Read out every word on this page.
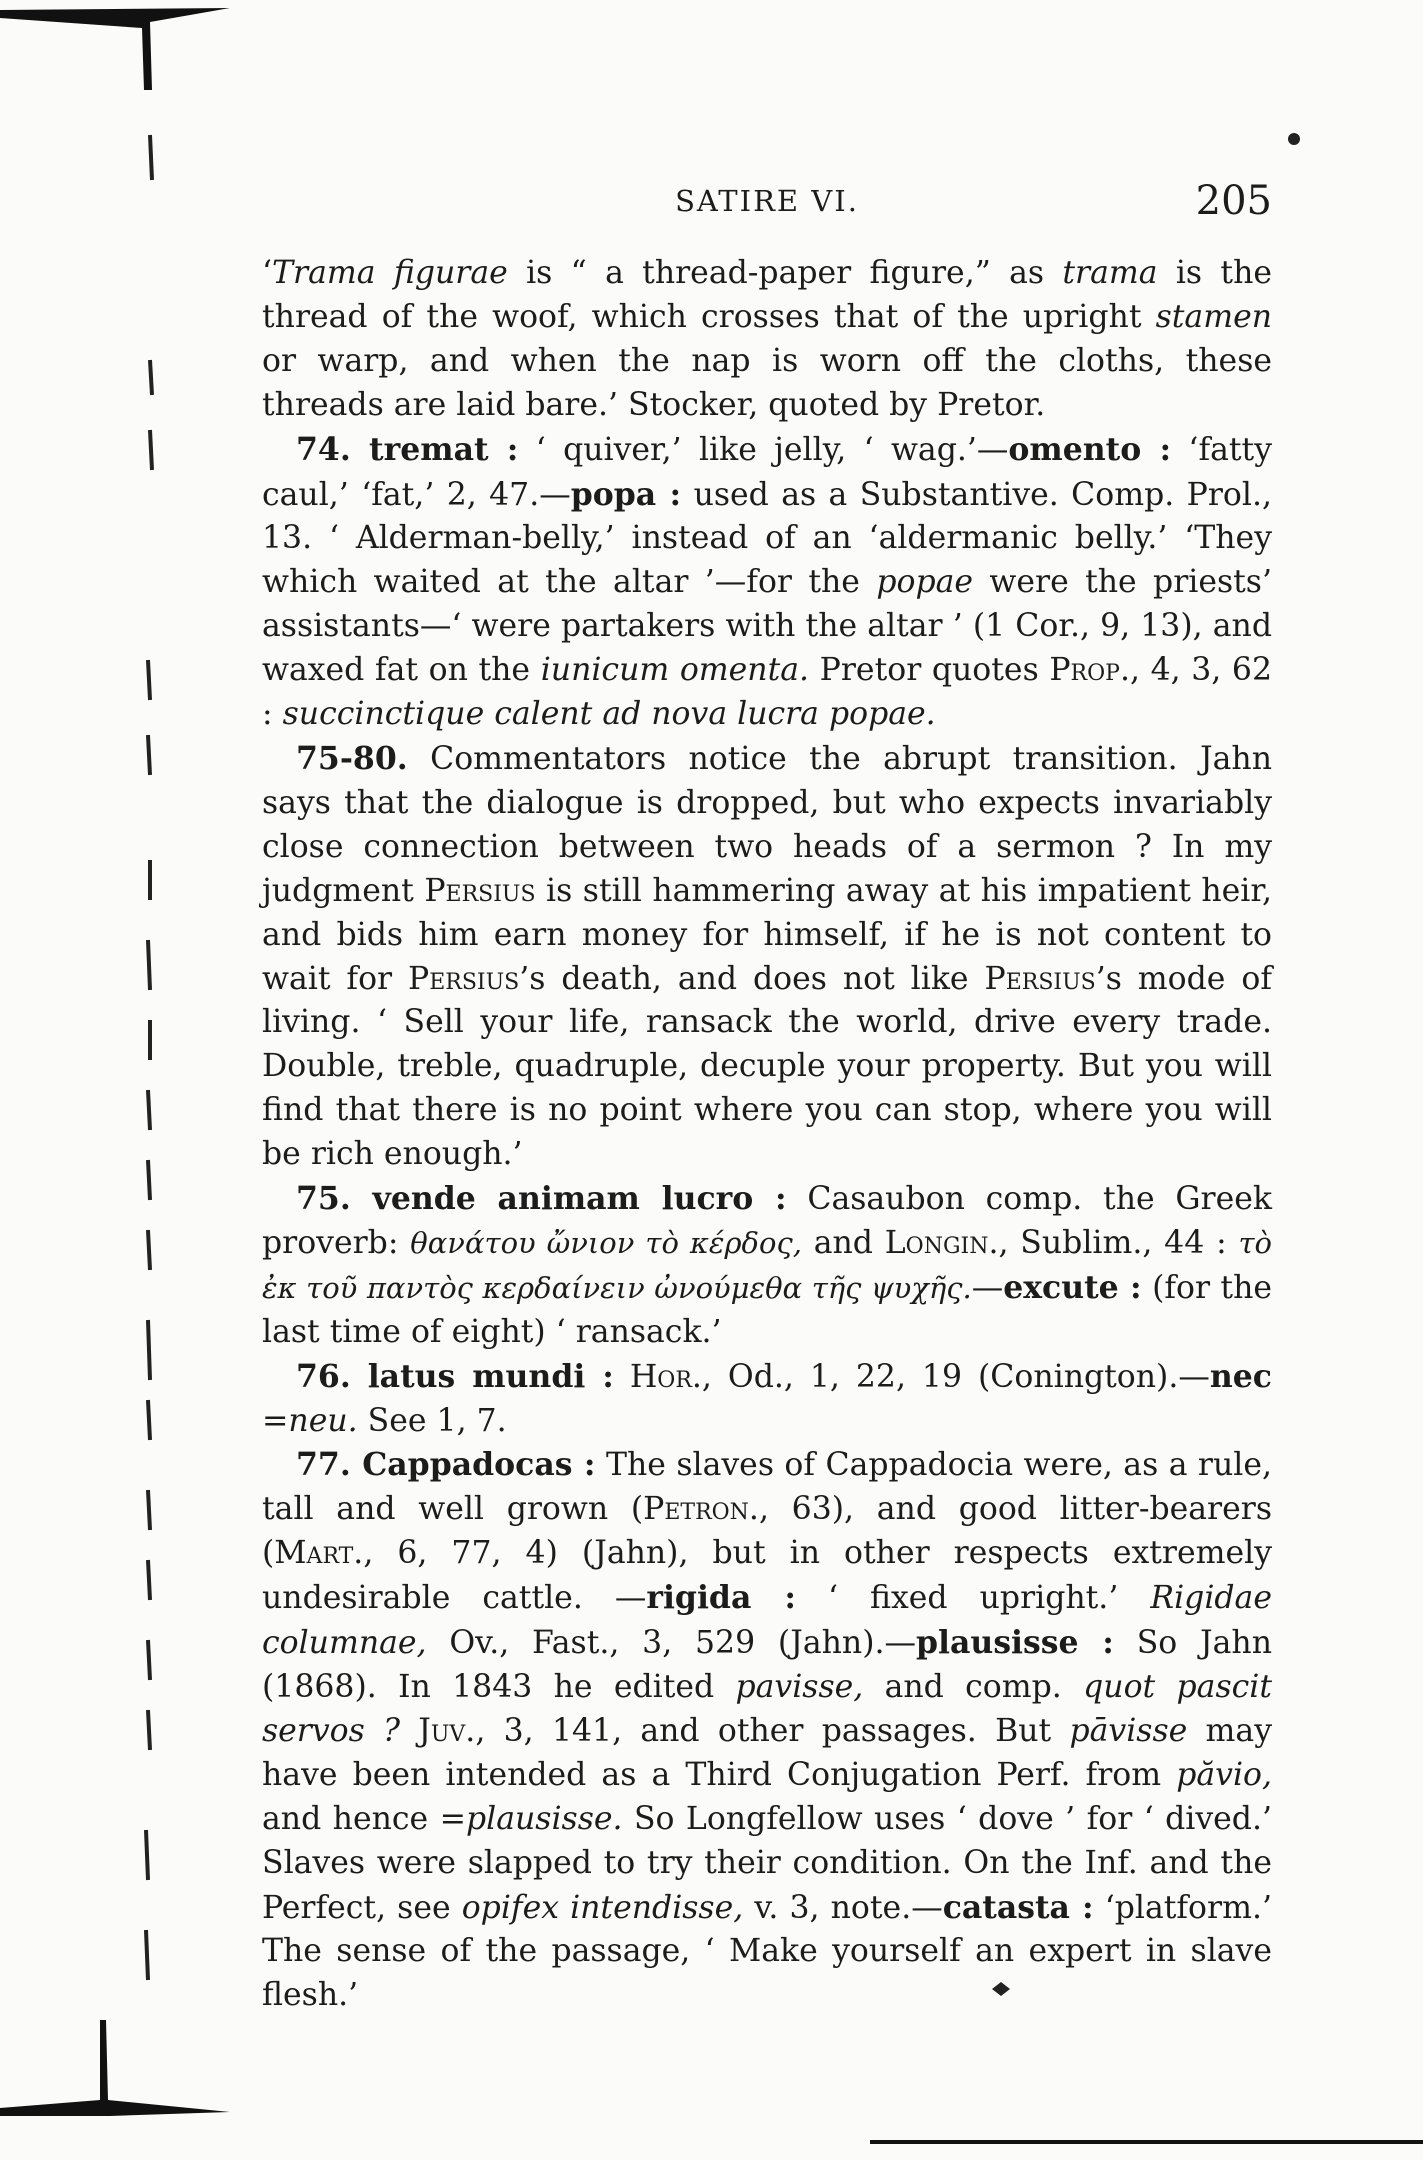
SATIRE VI.	205

‘Trama figurae is “ a thread-paper figure,” as trama is the thread of the woof, which crosses that of the upright stamen or warp, and when the nap is worn off the cloths, these threads are laid bare.’ Stocker, quoted by Pretor.

74. tremat : ‘ quiver,’ like jelly, ‘ wag.’—omento : ‘fatty caul,’ ‘fat,’ 2, 47.—popa : used as a Substantive. Comp. Prol., 13. ‘ Alderman-belly,’ instead of an ‘aldermanic belly.’ ‘They which waited at the altar ’—for the popae were the priests’ assistants—‘ were partakers with the altar ’ (1 Cor., 9, 13), and waxed fat on the iunicum omenta. Pretor quotes Prop., 4, 3, 62 : succinctique calent ad nova lucra popae.

75-80. Commentators notice the abrupt transition. Jahn says that the dialogue is dropped, but who expects invariably close connection between two heads of a sermon ? In my judgment Persius is still hammering away at his impatient heir, and bids him earn money for himself, if he is not content to wait for Persius’s death, and does not like Persius’s mode of living. ‘ Sell your life, ransack the world, drive every trade. Double, treble, quadruple, decuple your property. But you will find that there is no point where you can stop, where you will be rich enough.’

75. vende animam lucro : Casaubon comp. the Greek proverb: θανάτου ὤνιον τὸ κέρδος, and Longin., Sublim., 44 : τὸ ἐκ τοῦ παντὸς κερδαίνειν ὠνούμεθα τῆς ψυχῆς.—excute : (for the last time of eight) ‘ ransack.’

76. latus mundi : Hor., Od., 1, 22, 19 (Conington).—nec =neu. See 1, 7.

77. Cappadocas : The slaves of Cappadocia were, as a rule, tall and well grown (Petron., 63), and good litter-bearers (Mart., 6, 77, 4) (Jahn), but in other respects extremely undesirable cattle. —rigida : ‘ fixed upright.’ Rigidae columnae, Ov., Fast., 3, 529 (Jahn).—plausisse : So Jahn (1868). In 1843 he edited pavisse, and comp. quot pascit servos ? Juv., 3, 141, and other passages. But pāvisse may have been intended as a Third Conjugation Perf. from păvio, and hence =plausisse. So Longfellow uses ‘ dove ’ for ‘ dived.’ Slaves were slapped to try their condition. On the Inf. and the Perfect, see opifex intendisse, v. 3, note.—catasta : ‘platform.’ The sense of the passage, ‘ Make yourself an expert in slave flesh.’
